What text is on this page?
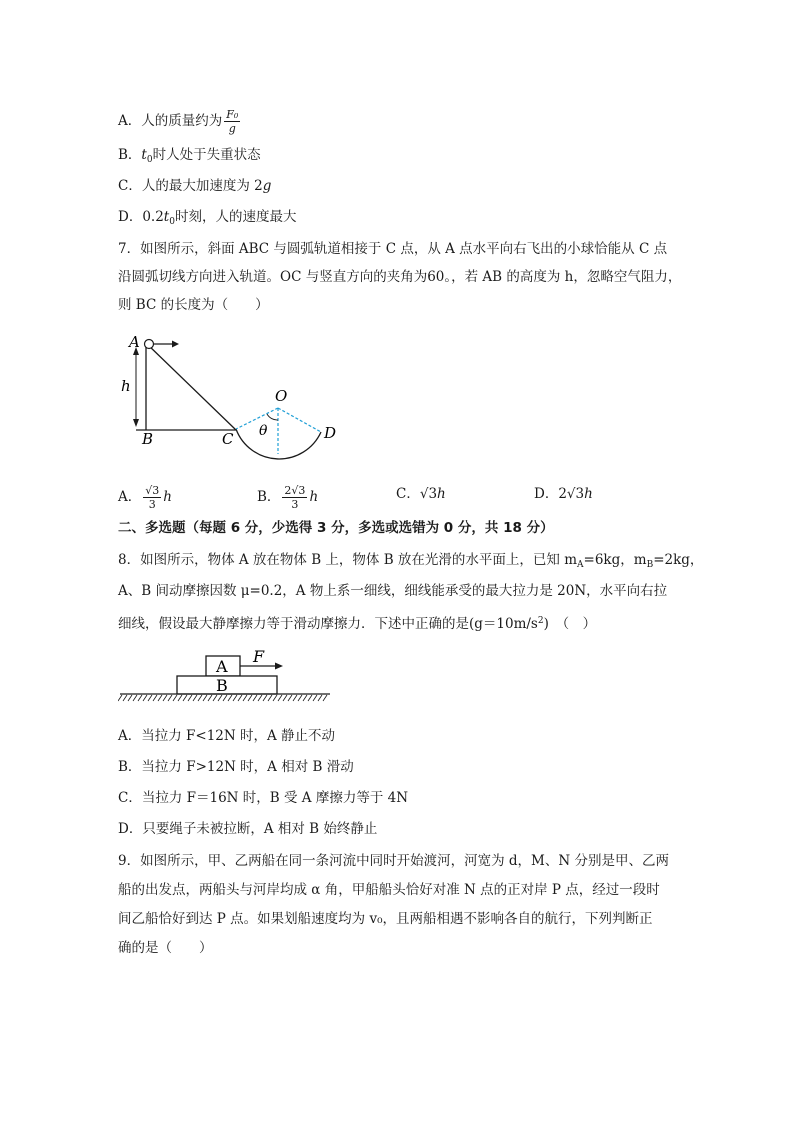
A．人的质量约为 $\frac{\text{F₀}}{g}$
B．$t_0$时人处于失重状态
C．人的最大加速度为 2g
D．$0.2t_0$时刻，人的速度最大
7．如图所示，斜面 ABC 与圆弧轨道相接于 C 点，从 A 点水平向右飞出的小球恰能从 C 点
沿圆弧切线方向进入轨道。OC 与竖直方向的夹角为60。，若 AB 的高度为 h，忽略空气阻力，
则 BC 的长度为（　　）
A
h
B	C
O
D
θ
A． $\frac{√3}{3}$ h	B． $\frac{2√3}{3}$ h	C．√3h	D．2√3h
二、多选题（每题 6 分，少选得 3 分，多选或选错为 0 分，共 18 分）
8．如图所示，物体 A 放在物体 B 上，物体 B 放在光滑的水平面上，已知 $m_A=6kg$，$m_B=2kg$，
A、B 间动摩擦因数 μ=0.2，A 物上系一细线，细线能承受的最大拉力是 20N，水平向右拉
细线，假设最大静摩擦力等于滑动摩擦力．下述中正确的是$(g=10m/s^2)$　（　）
A
B
F
A．当拉力 F<12N 时，A 静止不动
B．当拉力 F>12N 时，A 相对 B 滑动
C．当拉力 F＝16N 时，B 受 A 摩擦力等于 4N
D．只要绳子未被拉断，A 相对 B 始终静止
9．如图所示，甲、乙两船在同一条河流中同时开始渡河，河宽为 d，M、N 分别是甲、乙两
船的出发点，两船头与河岸均成 α 角，甲船船头恰好对准 N 点的正对岸 P 点，经过一段时
间乙船恰好到达 P 点。如果划船速度均为 v₀，且两船相遇不影响各自的航行，下列判断正
确的是（　　）
